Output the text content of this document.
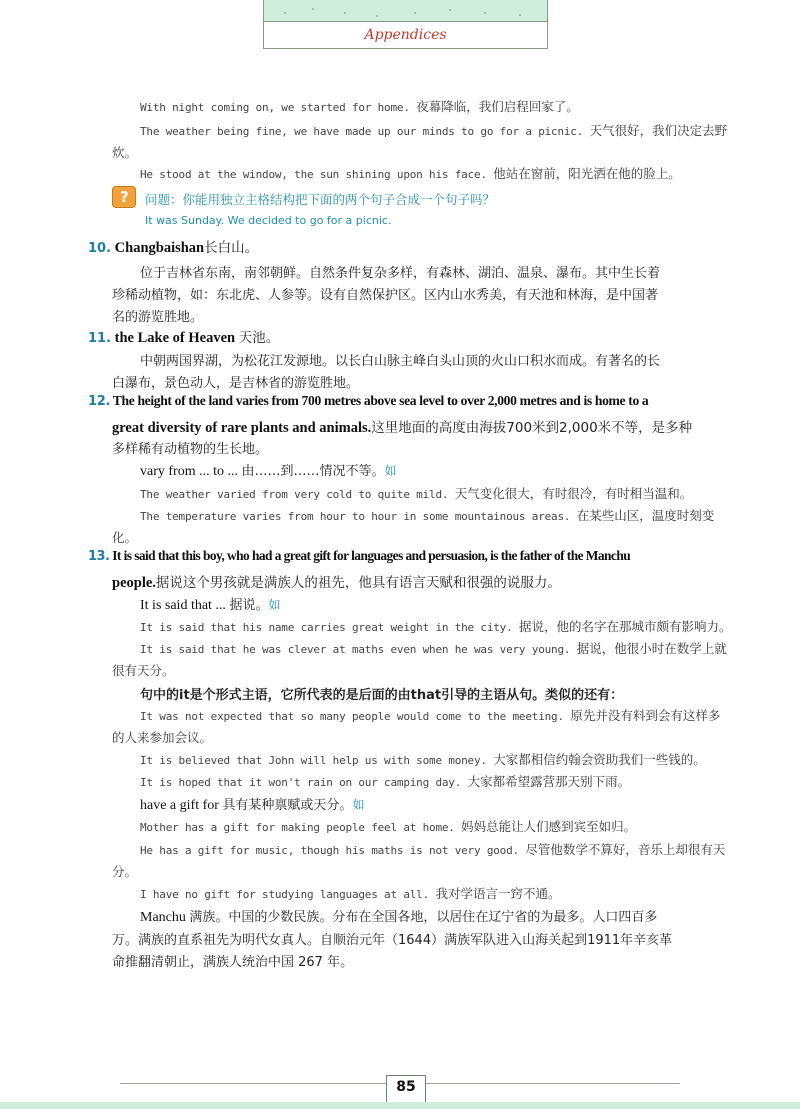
Appendices
With night coming on, we started for home. 夜幕降临，我们启程回家了。
The weather being fine, we have made up our minds to go for a picnic. 天气很好，我们决定去野
炊。
He stood at the window, the sun shining upon his face. 他站在窗前，阳光洒在他的脸上。
?
问题：你能用独立主格结构把下面的两个句子合成一个句子吗？
It was Sunday. We decided to go for a picnic.
10. Changbaishan长白山。
位于吉林省东南，南邻朝鲜。自然条件复杂多样，有森林、湖泊、温泉、瀑布。其中生长着
珍稀动植物，如：东北虎、人参等。设有自然保护区。区内山水秀美，有天池和林海，是中国著
名的游览胜地。
11. the Lake of Heaven 天池。
中朝两国界湖，为松花江发源地。以长白山脉主峰白头山顶的火山口积水而成。有著名的长
白瀑布，景色动人，是吉林省的游览胜地。
12. The height of the land varies from 700 metres above sea level to over 2,000 metres and is home to a
great diversity of rare plants and animals.这里地面的高度由海拔700米到2,000米不等，是多种
多样稀有动植物的生长地。
vary from ... to ... 由……到……情况不等。如
The weather varied from very cold to quite mild. 天气变化很大，有时很冷，有时相当温和。
The temperature varies from hour to hour in some mountainous areas. 在某些山区，温度时刻变
化。
13. It is said that this boy, who had a great gift for languages and persuasion, is the father of the Manchu
people.据说这个男孩就是满族人的祖先，他具有语言天赋和很强的说服力。
It is said that ... 据说。如
It is said that his name carries great weight in the city. 据说，他的名字在那城市颇有影响力。
It is said that he was clever at maths even when he was very young. 据说，他很小时在数学上就
很有天分。
句中的it是个形式主语，它所代表的是后面的由that引导的主语从句。类似的还有：
It was not expected that so many people would come to the meeting. 原先并没有料到会有这样多
的人来参加会议。
It is believed that John will help us with some money. 大家都相信约翰会资助我们一些钱的。
It is hoped that it won't rain on our camping day. 大家都希望露营那天别下雨。
have a gift for 具有某种禀赋或天分。如
Mother has a gift for making people feel at home. 妈妈总能让人们感到宾至如归。
He has a gift for music, though his maths is not very good. 尽管他数学不算好，音乐上却很有天
分。
I have no gift for studying languages at all. 我对学语言一窍不通。
Manchu 满族。中国的少数民族。分布在全国各地，以居住在辽宁省的为最多。人口四百多
万。满族的直系祖先为明代女真人。自顺治元年（1644）满族军队进入山海关起到1911年辛亥革
命推翻清朝止，满族人统治中国 267 年。
85
